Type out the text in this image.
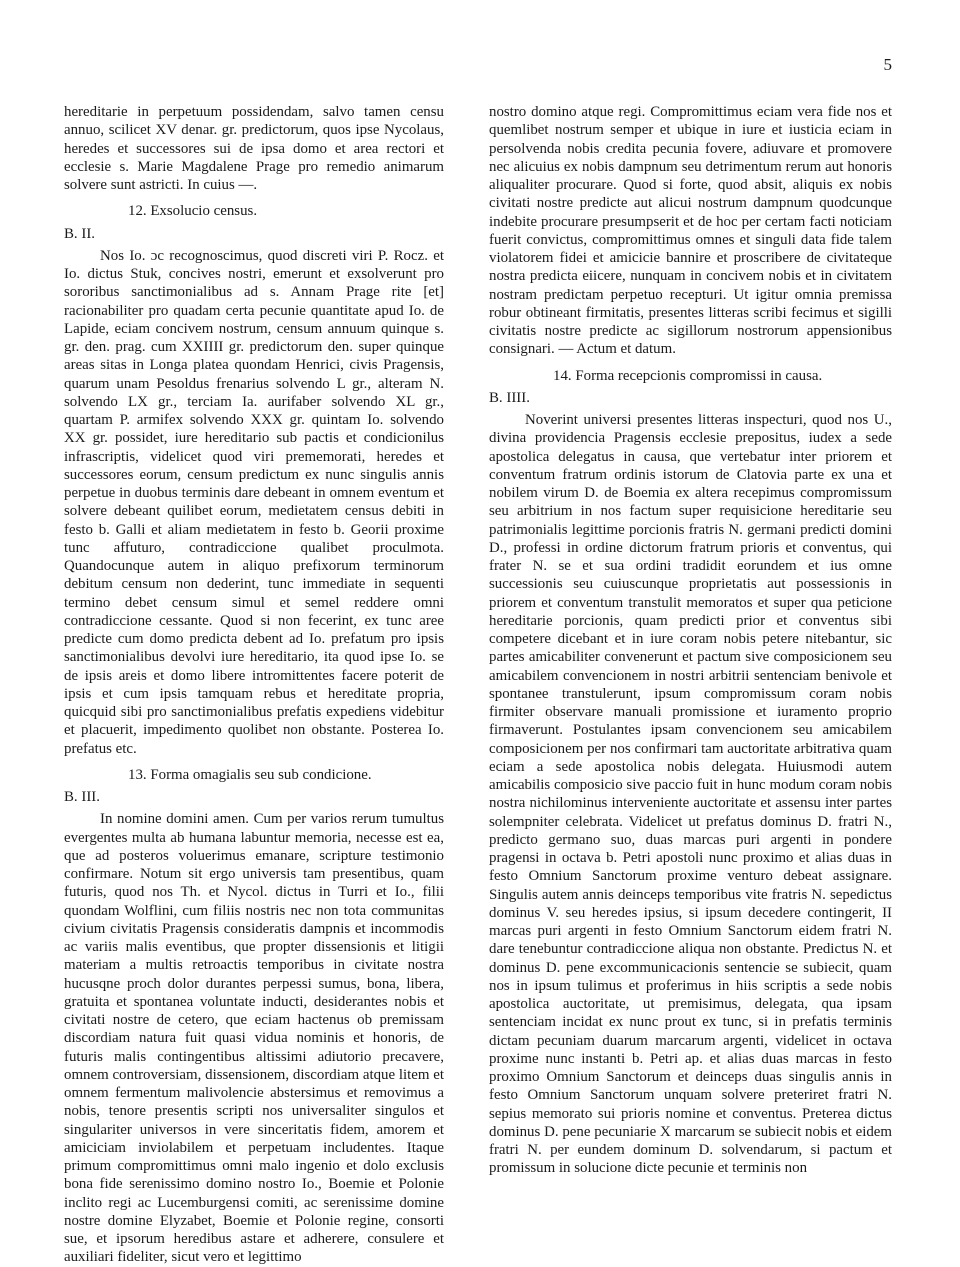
5

hereditarie in perpetuum possidendam, salvo tamen censu annuo, scilicet XV denar. gr. predictorum, quos ipse Nycolaus, heredes et successores sui de ipsa domo et area rectori et ecclesie s. Marie Magdalene Prage pro remedio animarum solvere sunt astricti. In cuius —.

12. Exsolucio census.

B. II.

Nos Io. ɔc recognoscimus, quod discreti viri P. Rocz. et Io. dictus Stuk, concives nostri, emerunt et exsolverunt pro sororibus sanctimonialibus ad s. Annam Prage rite [et] racionabiliter pro quadam certa pecunie quantitate apud Io. de Lapide, eciam concivem nostrum, censum annuum quinque s. gr. den. prag. cum XXIIII gr. predictorum den. super quinque areas sitas in Longa platea quondam Henrici, civis Pragensis, quarum unam Pesoldus frenarius solvendo L gr., alteram N. solvendo LX gr., terciam Ia. aurifaber solvendo XL gr., quartam P. armifex solvendo XXX gr. quintam Io. solvendo XX gr. possidet, iure hereditario sub pactis et condicionilus infrascriptis, videlicet quod viri prememorati, heredes et successores eorum, censum predictum ex nunc singulis annis perpetue in duobus terminis dare debeant in omnem eventum et solvere debeant quilibet eorum, medietatem census debiti in festo b. Galli et aliam medietatem in festo b. Georii proxime tunc affuturo, contradiccione qualibet proculmota. Quandocunque autem in aliquo prefixorum terminorum debitum censum non dederint, tunc immediate in sequenti termino debet censum simul et semel reddere omni contradiccione cessante. Quod si non fecerint, ex tunc aree predicte cum domo predicta debent ad Io. prefatum pro ipsis sanctimonialibus devolvi iure hereditario, ita quod ipse Io. se de ipsis areis et domo libere intromittentes facere poterit de ipsis et cum ipsis tamquam rebus et hereditate propria, quicquid sibi pro sanctimonialibus prefatis expediens videbitur et placuerit, impedimento quolibet non obstante. Posterea Io. prefatus etc.

13. Forma omagialis seu sub condicione.

B. III.

In nomine domini amen. Cum per varios rerum tumultus evergentes multa ab humana labuntur memoria, necesse est ea, que ad posteros voluerimus emanare, scripture testimonio confirmare. Notum sit ergo universis tam presentibus, quam futuris, quod nos Th. et Nycol. dictus in Turri et Io., filii quondam Wolflini, cum filiis nostris nec non tota communitas civium civitatis Pragensis consideratis dampnis et incommodis ac variis malis eventibus, que propter dissensionis et litigii materiam a multis retroactis temporibus in civitate nostra hucusqne proch dolor durantes perpessi sumus, bona, libera, gratuita et spontanea voluntate inducti, desiderantes nobis et civitati nostre de cetero, que eciam hactenus ob premissam discordiam natura fuit quasi vidua nominis et honoris, de futuris malis contingentibus altissimi adiutorio precavere, omnem controversiam, dissensionem, discordiam atque litem et omnem fermentum malivolencie abstersimus et removimus a nobis, tenore presentis scripti nos universaliter singulos et singulariter universos in vere sinceritatis fidem, amorem et amiciciam inviolabilem et perpetuam includentes. Itaque primum compromittimus omni malo ingenio et dolo exclusis bona fide serenissimo domino nostro Io., Boemie et Polonie inclito regi ac Lucemburgensi comiti, ac serenissime domine nostre domine Elyzabet, Boemie et Polonie regine, consorti sue, et ipsorum heredibus astare et adherere, consulere et auxiliari fideliter, sicut vero et legittimo

nostro domino atque regi. Compromittimus eciam vera fide nos et quemlibet nostrum semper et ubique in iure et iusticia eciam in persolvenda nobis credita pecunia fovere, adiuvare et promovere nec alicuius ex nobis dampnum seu detrimentum rerum aut honoris aliqualiter procurare. Quod si forte, quod absit, aliquis ex nobis civitati nostre predicte aut alicui nostrum dampnum quodcunque indebite procurare presumpserit et de hoc per certam facti noticiam fuerit convictus, compromittimus omnes et singuli data fide talem violatorem fidei et amicicie bannire et proscribere de civitateque nostra predicta eiicere, nunquam in concivem nobis et in civitatem nostram predictam perpetuo recepturi. Ut igitur omnia premissa robur obtineant firmitatis, presentes litteras scribi fecimus et sigilli civitatis nostre predicte ac sigillorum nostrorum appensionibus consignari. — Actum et datum.

14. Forma recepcionis compromissi in causa.

B. IIII.

Noverint universi presentes litteras inspecturi, quod nos U., divina providencia Pragensis ecclesie prepositus, iudex a sede apostolica delegatus in causa, que vertebatur inter priorem et conventum fratrum ordinis istorum de Clatovia parte ex una et nobilem virum D. de Boemia ex altera recepimus compromissum seu arbitrium in nos factum super requisicione hereditarie seu patrimonialis legittime porcionis fratris N. germani predicti domini D., professi in ordine dictorum fratrum prioris et conventus, qui frater N. se et sua ordini tradidit eorundem et ius omne successionis seu cuiuscunque proprietatis aut possessionis in priorem et conventum transtulit memoratos et super qua peticione hereditarie porcionis, quam predicti prior et conventus sibi competere dicebant et in iure coram nobis petere nitebantur, sic partes amicabiliter convenerunt et pactum sive composicionem seu amicabilem convencionem in nostri arbitrii sentenciam benivole et spontanee transtulerunt, ipsum compromissum coram nobis firmiter observare manuali promissione et iuramento proprio firmaverunt. Postulantes ipsam convencionem seu amicabilem composicionem per nos confirmari tam auctoritate arbitrativa quam eciam a sede apostolica nobis delegata. Huiusmodi autem amicabilis composicio sive paccio fuit in hunc modum coram nobis nostra nichilominus interveniente auctoritate et assensu inter partes solempniter celebrata. Videlicet ut prefatus dominus D. fratri N., predicto germano suo, duas marcas puri argenti in pondere pragensi in octava b. Petri apostoli nunc proximo et alias duas in festo Omnium Sanctorum proxime venturo debeat assignare. Singulis autem annis deinceps temporibus vite fratris N. sepedictus dominus V. seu heredes ipsius, si ipsum decedere contingerit, II marcas puri argenti in festo Omnium Sanctorum eidem fratri N. dare tenebuntur contradiccione aliqua non obstante. Predictus N. et dominus D. pene excommunicacionis sentencie se subiecit, quam nos in ipsum tulimus et proferimus in hiis scriptis a sede nobis apostolica auctoritate, ut premisimus, delegata, qua ipsam sentenciam incidat ex nunc prout ex tunc, si in prefatis terminis dictam pecuniam duarum marcarum argenti, videlicet in octava proxime nunc instanti b. Petri ap. et alias duas marcas in festo proximo Omnium Sanctorum et deinceps duas singulis annis in festo Omnium Sanctorum unquam solvere preteriret fratri N. sepius memorato sui prioris nomine et conventus. Preterea dictus dominus D. pene pecuniarie X marcarum se subiecit nobis et eidem fratri N. per eundem dominum D. solvendarum, si pactum et promissum in solucione dicte pecunie et terminis non
